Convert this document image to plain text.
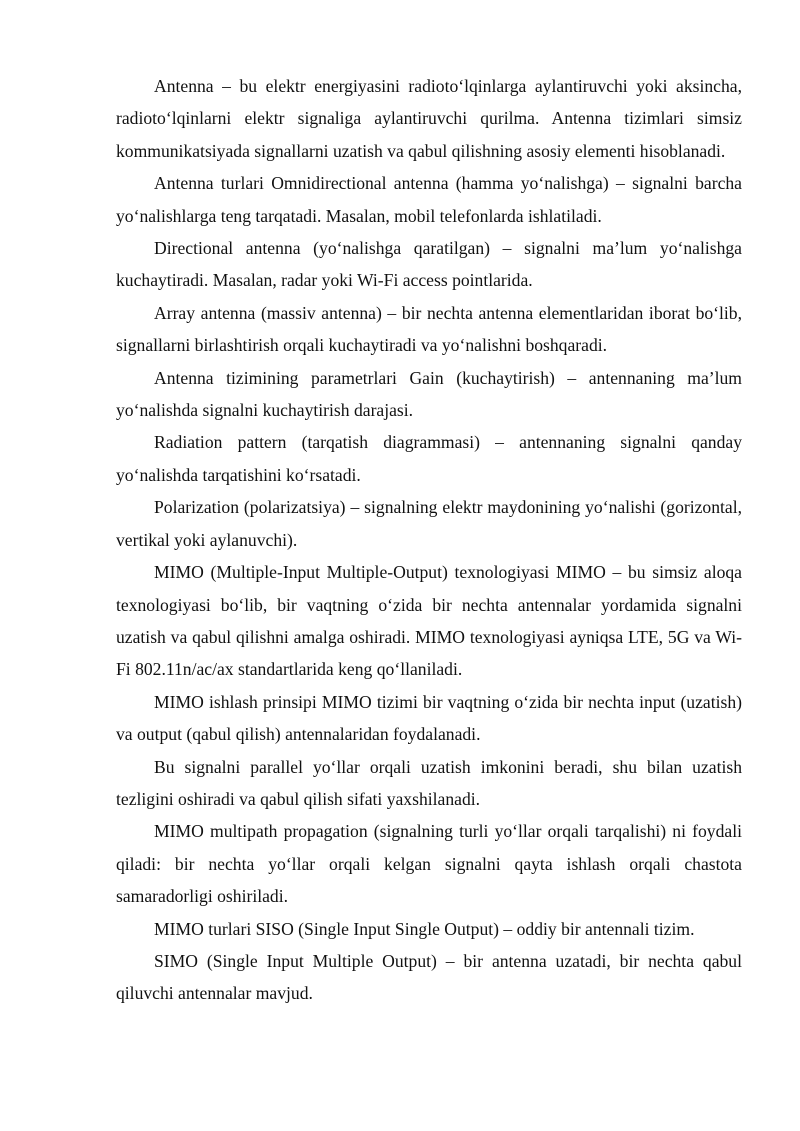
Antenna – bu elektr energiyasini radioto‘lqinlarga aylantiruvchi yoki aksincha, radioto‘lqinlarni elektr signaliga aylantiruvchi qurilma. Antenna tizimlari simsiz kommunikatsiyada signallarni uzatish va qabul qilishning asosiy elementi hisoblanadi.

Antenna turlari Omnidirectional antenna (hamma yo‘nalishga) – signalni barcha yo‘nalishlarga teng tarqatadi. Masalan, mobil telefonlarda ishlatiladi.

Directional antenna (yo‘nalishga qaratilgan) – signalni ma’lum yo‘nalishga kuchaytiradi. Masalan, radar yoki Wi-Fi access pointlarida.

Array antenna (massiv antenna) – bir nechta antenna elementlaridan iborat bo‘lib, signallarni birlashtirish orqali kuchaytiradi va yo‘nalishni boshqaradi.

Antenna tizimining parametrlari Gain (kuchaytirish) – antennaning ma’lum yo‘nalishda signalni kuchaytirish darajasi.

Radiation pattern (tarqatish diagrammasi) – antennaning signalni qanday yo‘nalishda tarqatishini ko‘rsatadi.

Polarization (polarizatsiya) – signalning elektr maydonining yo‘nalishi (gorizontal, vertikal yoki aylanuvchi).

MIMO (Multiple-Input Multiple-Output) texnologiyasi MIMO – bu simsiz aloqa texnologiyasi bo‘lib, bir vaqtning o‘zida bir nechta antennalar yordamida signalni uzatish va qabul qilishni amalga oshiradi. MIMO texnologiyasi ayniqsa LTE, 5G va Wi-Fi 802.11n/ac/ax standartlarida keng qo‘llaniladi.

MIMO ishlash prinsipi MIMO tizimi bir vaqtning o‘zida bir nechta input (uzatish) va output (qabul qilish) antennalaridan foydalanadi.

Bu signalni parallel yo‘llar orqali uzatish imkonini beradi, shu bilan uzatish tezligini oshiradi va qabul qilish sifati yaxshilanadi.

MIMO multipath propagation (signalning turli yo‘llar orqali tarqalishi) ni foydali qiladi: bir nechta yo‘llar orqali kelgan signalni qayta ishlash orqali chastota samaradorligi oshiriladi.

MIMO turlari SISO (Single Input Single Output) – oddiy bir antennali tizim.

SIMO (Single Input Multiple Output) – bir antenna uzatadi, bir nechta qabul qiluvchi antennalar mavjud.
